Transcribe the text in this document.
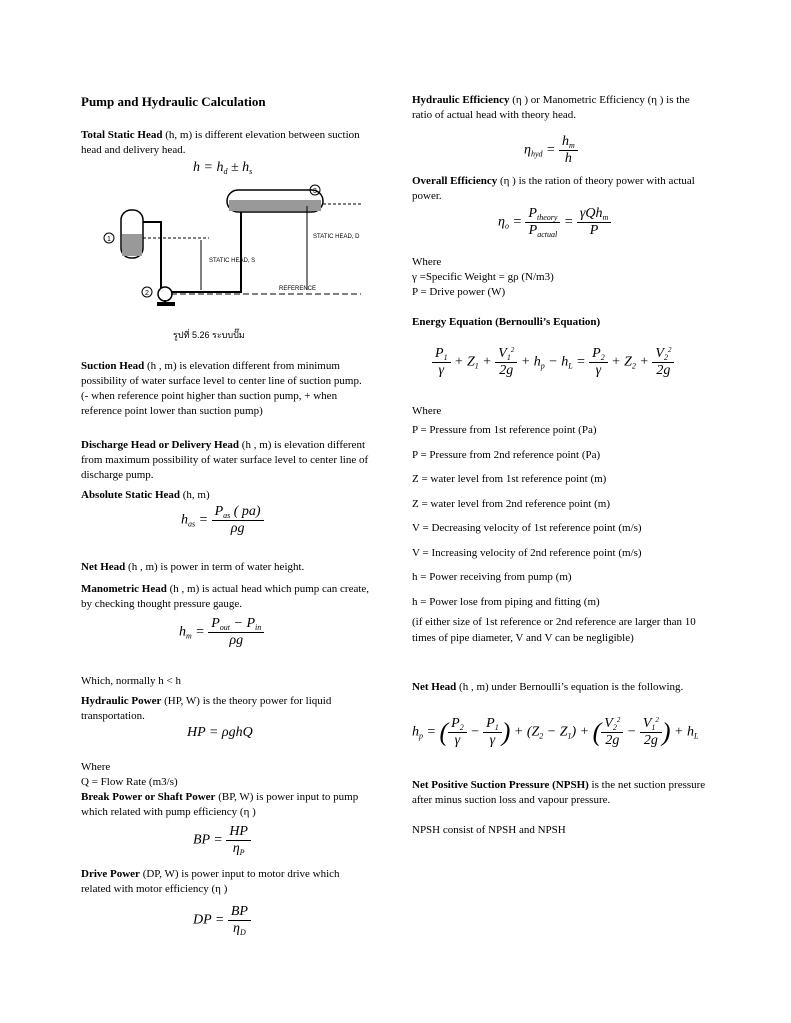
Pump and Hydraulic Calculation
Total Static Head (h, m) is different elevation between suction head and delivery head.
$h = h_d \pm h_s$
1
2
3
STATIC HEAD, S
STATIC HEAD, D
REFERENCE
รูปที่ 5.26 ระบบปั๊ม
Suction Head (h , m) is elevation different from minimum possibility of water surface level to center line of suction pump. (- when reference point higher than suction pump, + when reference point lower than suction pump)
Discharge Head or Delivery Head (h , m) is elevation different from maximum possibility of water surface level to center line of discharge pump.
Absolute Static Head (h, m)
$h_{as} = \frac{P_{as} ( pa)}{\rho g}$
Net Head (h , m) is power in term of water height.
Manometric Head (h , m) is actual head which pump can create, by checking thought pressure gauge.
$h_m = \frac{P_{out} - P_{in}}{\rho g}$
Which, normally h < h
Hydraulic Power (HP, W) is the theory power for liquid transportation.
HP = ρghQ
Where
Q = Flow Rate (m3/s)
Break Power or Shaft Power (BP, W) is power input to pump which related with pump efficiency (η )
BP = $\frac{HP}{\eta_P}$
Drive Power (DP, W) is power input to motor drive which related with motor efficiency (η )
DP = $\frac{BP}{\eta_D}$
Hydraulic Efficiency (η ) or Manometric Efficiency (η ) is the ratio of actual head with theory head.
$\eta_{hyd} = \frac{h_m}{h}$
Overall Efficiency (η ) is the ration of theory power with actual power.
$\eta_o = \frac{P_{theory}}{P_{actual}} = \frac{\gamma Qh_m}{P}$
Where
γ =Specific Weight = gρ (N/m3)
P = Drive power (W)
Energy Equation (Bernoulli’s Equation)
$\frac{P_1}{\gamma} + Z_1 + \frac{V_1^2}{2g} + h_p - h_L = \frac{P_2}{\gamma} + Z_2 + \frac{V_2^2}{2g}$
Where
P = Pressure from 1st reference point (Pa)
P = Pressure from 2nd reference point (Pa)
Z = water level from 1st reference point (m)
Z = water level from 2nd reference point (m)
V = Decreasing velocity of 1st reference point (m/s)
V = Increasing velocity of 2nd reference point (m/s)
h = Power receiving from pump (m)
h = Power lose from piping and fitting (m)
(if either size of 1st reference or 2nd reference are larger than 10 times of pipe diameter, V and V can be negligible)
Net Head (h , m) under Bernoulli’s equation is the following.
$h_p$ = ( $\frac{P_2}{\gamma} - \frac{P_1}{\gamma}$ ) + $(Z_2 - Z_1)$ + ( $\frac{V_2^2}{2g} - \frac{V_1^2}{2g}$ ) + $h_L$
Net Positive Suction Pressure (NPSH) is the net suction pressure after minus suction loss and vapour pressure.
NPSH consist of NPSH and NPSH
